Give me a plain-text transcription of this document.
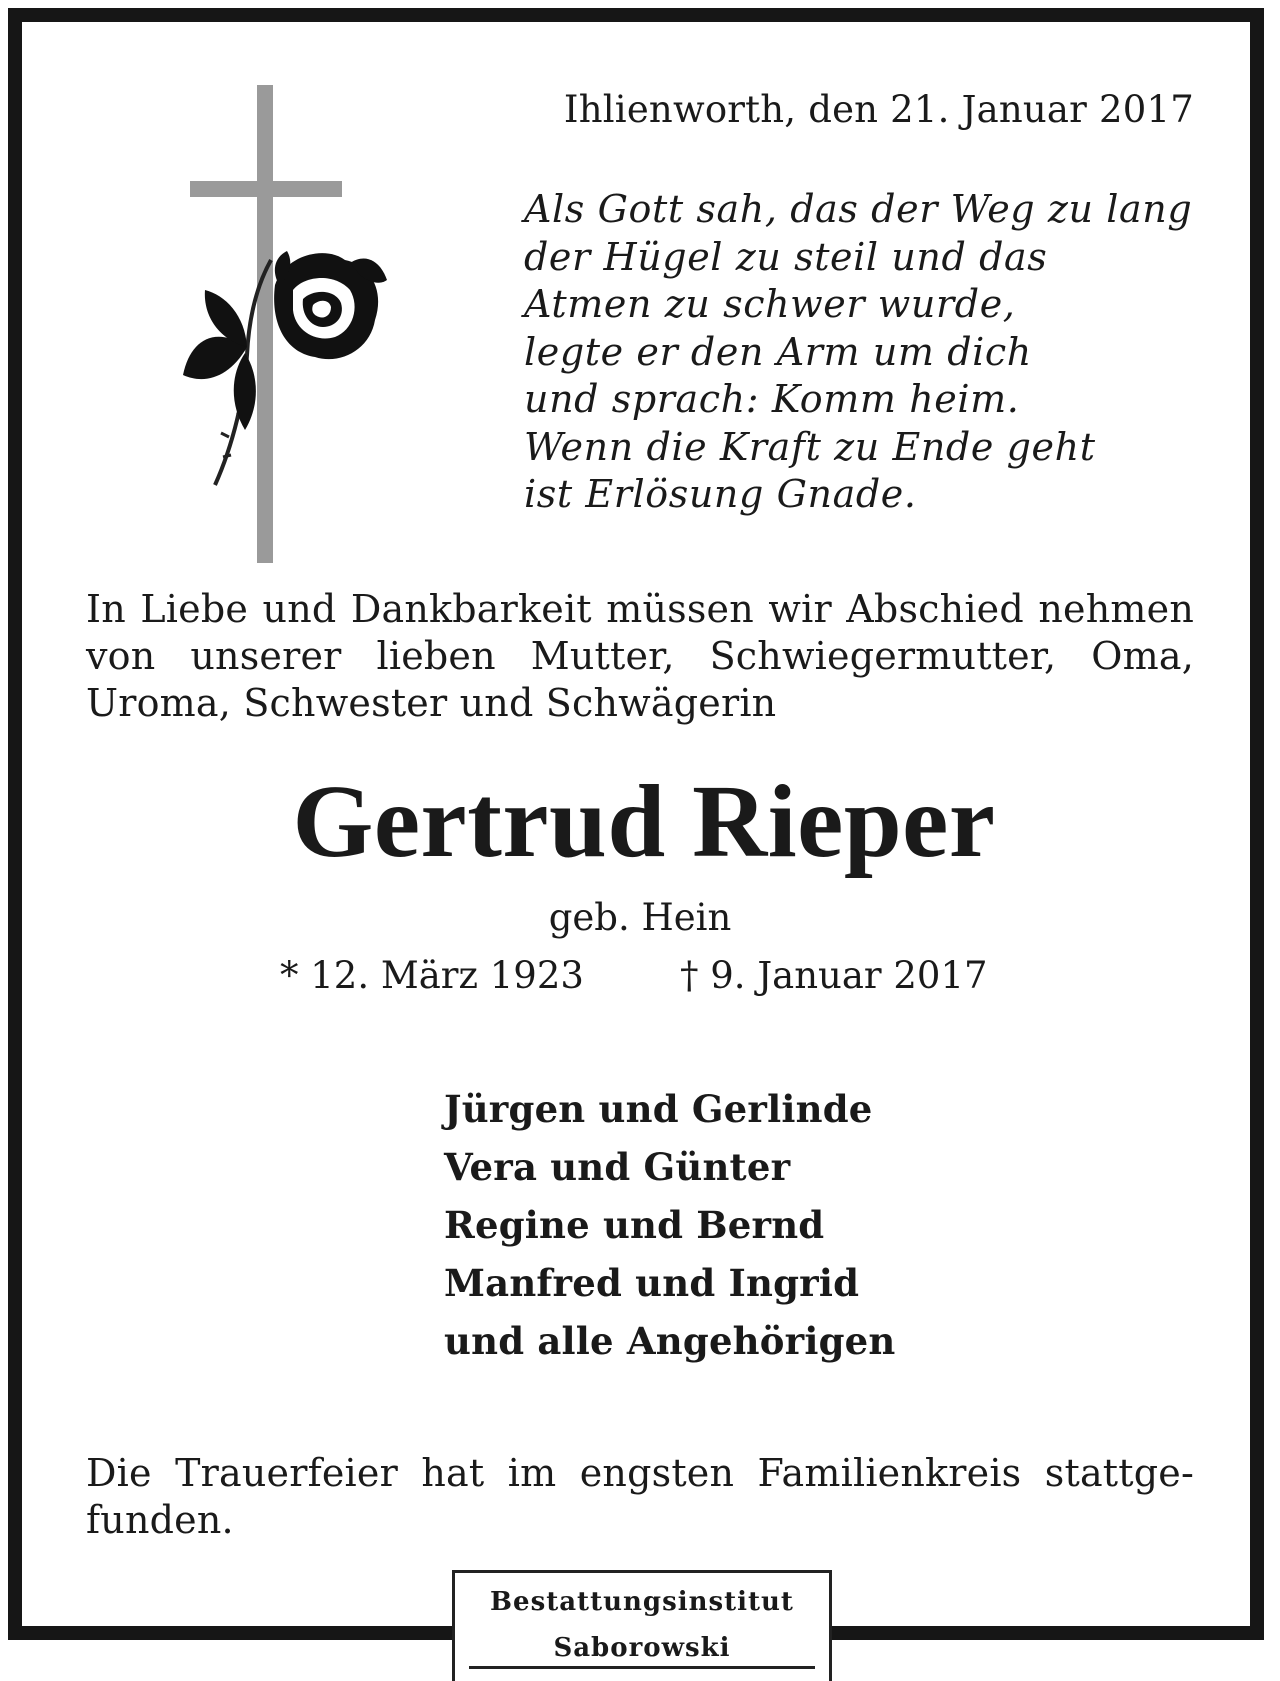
Ihlienworth, den 21. Januar 2017
Als Gott sah, das der Weg zu lang
der Hügel zu steil und das
Atmen zu schwer wurde,
legte er den Arm um dich
und sprach: Komm heim.
Wenn die Kraft zu Ende geht
ist Erlösung Gnade.
In Liebe und Dankbarkeit müssen wir Abschied nehmen von unserer lieben Mutter, Schwiegermutter, Oma, Uroma, Schwester und Schwägerin
Gertrud Rieper
geb. Hein
* 12. März 1923	† 9. Januar 2017
Jürgen und Gerlinde
Vera und Günter
Regine und Bernd
Manfred und Ingrid
und alle Angehörigen
Die Trauerfeier hat im engsten Familienkreis stattge-funden.
Bestattungsinstitut
Saborowski
